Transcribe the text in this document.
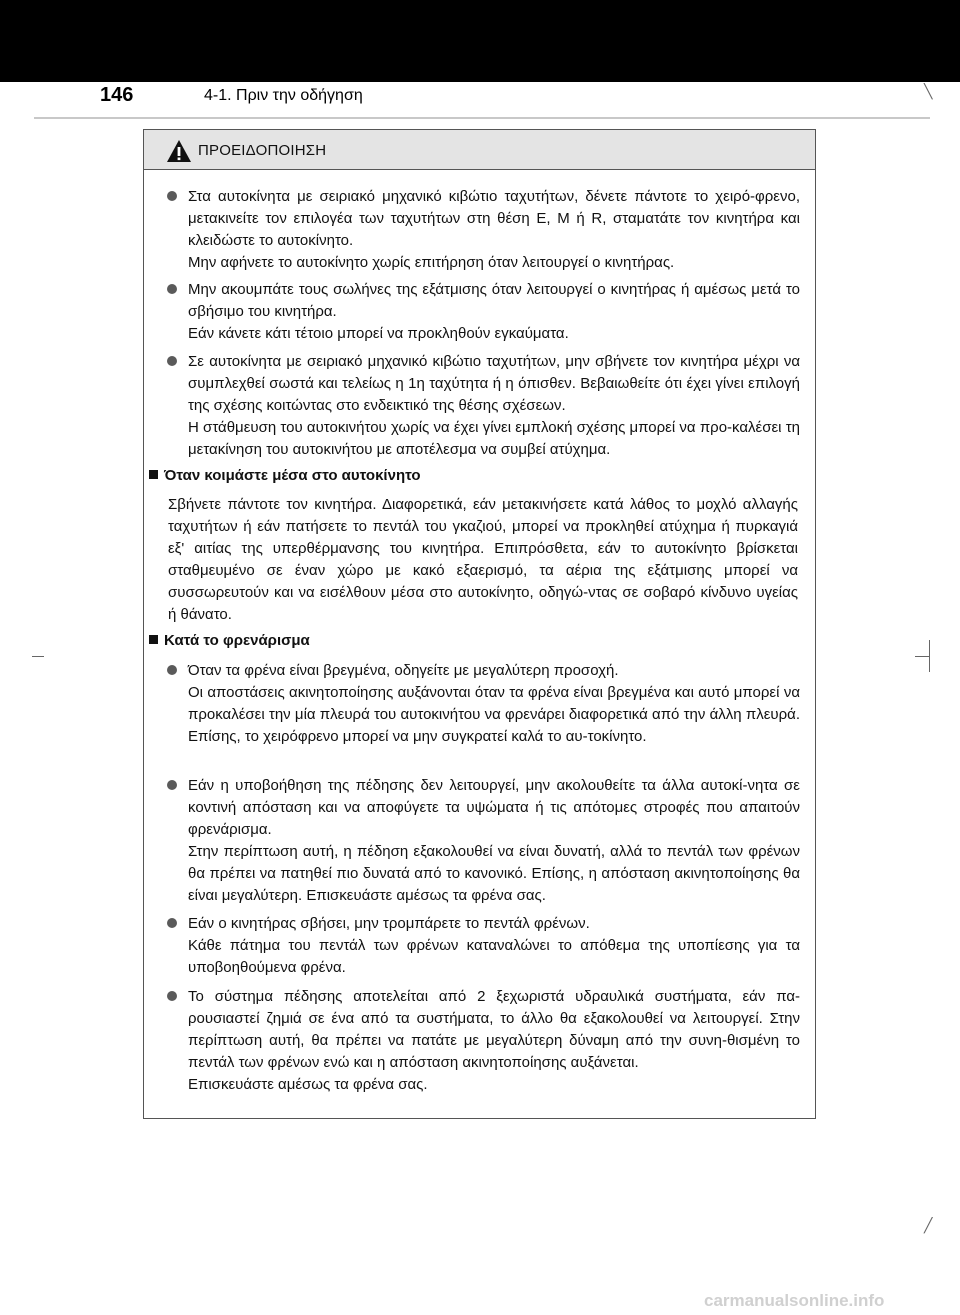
146	4-1. Πριν την οδήγηση	╲
╱
ΠΡΟΕΙΔΟΠΟΙΗΣΗ

Στα αυτοκίνητα με σειριακό μηχανικό κιβώτιο ταχυτήτων, δένετε πάντοτε το χειρό-φρενο, μετακινείτε τον επιλογέα των ταχυτήτων στη θέση E, M ή R, σταματάτε τον κινητήρα και κλειδώστε το αυτοκίνητο.

Μην αφήνετε το αυτοκίνητο χωρίς επιτήρηση όταν λειτουργεί ο κινητήρας.

Μην ακουμπάτε τους σωλήνες της εξάτμισης όταν λειτουργεί ο κινητήρας ή αμέσως μετά το σβήσιμο του κινητήρα.

Εάν κάνετε κάτι τέτοιο μπορεί να προκληθούν εγκαύματα.

Σε αυτοκίνητα με σειριακό μηχανικό κιβώτιο ταχυτήτων, μην σβήνετε τον κινητήρα μέχρι να συμπλεχθεί σωστά και τελείως η 1η ταχύτητα ή η όπισθεν. Βεβαιωθείτε ότι έχει γίνει επιλογή της σχέσης κοιτώντας στο ενδεικτικό της θέσης σχέσεων.

Η στάθμευση του αυτοκινήτου χωρίς να έχει γίνει εμπλοκή σχέσης μπορεί να προ-καλέσει τη μετακίνηση του αυτοκινήτου με αποτέλεσμα να συμβεί ατύχημα.

Όταν κοιμάστε μέσα στο αυτοκίνητο
Σβήνετε πάντοτε τον κινητήρα. Διαφορετικά, εάν μετακινήσετε κατά λάθος το μοχλό αλλαγής ταχυτήτων ή εάν πατήσετε το πεντάλ του γκαζιού, μπορεί να προκληθεί ατύχημα ή πυρκαγιά εξ' αιτίας της υπερθέρμανσης του κινητήρα. Επιπρόσθετα, εάν το αυτοκίνητο βρίσκεται σταθμευμένο σε έναν χώρο με κακό εξαερισμό, τα αέρια της εξάτμισης μπορεί να συσσωρευτούν και να εισέλθουν μέσα στο αυτοκίνητο, οδηγώ-ντας σε σοβαρό κίνδυνο υγείας ή θάνατο.
Κατά το φρενάρισμα

Όταν τα φρένα είναι βρεγμένα, οδηγείτε με μεγαλύτερη προσοχή.

Οι αποστάσεις ακινητοποίησης αυξάνονται όταν τα φρένα είναι βρεγμένα και αυτό μπορεί να προκαλέσει την μία πλευρά του αυτοκινήτου να φρενάρει διαφορετικά από την άλλη πλευρά. Επίσης, το χειρόφρενο μπορεί να μην συγκρατεί καλά το αυ-τοκίνητο.

Εάν η υποβοήθηση της πέδησης δεν λειτουργεί, μην ακολουθείτε τα άλλα αυτοκί-νητα σε κοντινή απόσταση και να αποφύγετε τα υψώματα ή τις απότομες στροφές που απαιτούν φρενάρισμα.

Στην περίπτωση αυτή, η πέδηση εξακολουθεί να είναι δυνατή, αλλά το πεντάλ των φρένων θα πρέπει να πατηθεί πιο δυνατά από το κανονικό. Επίσης, η απόσταση ακινητοποίησης θα είναι μεγαλύτερη. Επισκευάστε αμέσως τα φρένα σας.

Εάν ο κινητήρας σβήσει, μην τρομπάρετε το πεντάλ φρένων.

Κάθε πάτημα του πεντάλ των φρένων καταναλώνει το απόθεμα της υποπίεσης για τα υποβοηθούμενα φρένα.

Το σύστημα πέδησης αποτελείται από 2 ξεχωριστά υδραυλικά συστήματα, εάν πα-ρουσιαστεί ζημιά σε ένα από τα συστήματα, το άλλο θα εξακολουθεί να λειτουργεί. Στην περίπτωση αυτή, θα πρέπει να πατάτε με μεγαλύτερη δύναμη από την συνη-θισμένη το πεντάλ των φρένων ενώ και η απόσταση ακινητοποίησης αυξάνεται.

Επισκευάστε αμέσως τα φρένα σας.

carmanualsonline.info
